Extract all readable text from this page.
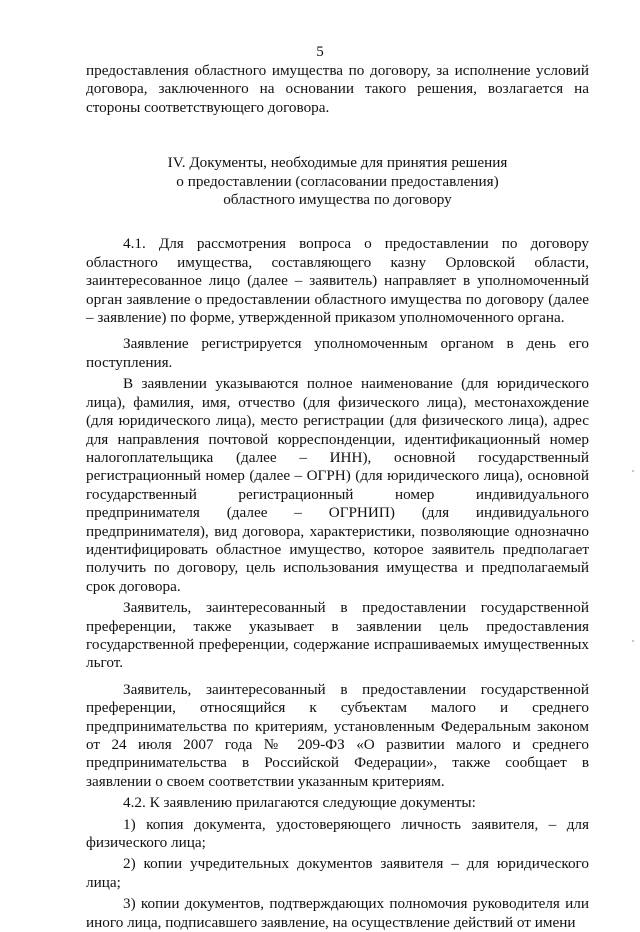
5

предоставления областного имущества по договору, за исполнение условий договора, заключенного на основании такого решения, возлагается на стороны соответствующего договора.

IV. Документы, необходимые для принятия решения
о предоставлении (согласовании предоставления)
областного имущества по договору

4.1. Для рассмотрения вопроса о предоставлении по договору областного имущества, составляющего казну Орловской области, заинтересованное лицо (далее – заявитель) направляет в уполномоченный орган заявление о предоставлении областного имущества по договору (далее – заявление) по форме, утвержденной приказом уполномоченного органа.

Заявление регистрируется уполномоченным органом в день его поступления.

В заявлении указываются полное наименование (для юридического лица), фамилия, имя, отчество (для физического лица), местонахождение (для юридического лица), место регистрации (для физического лица), адрес для направления почтовой корреспонденции, идентификационный номер налогоплательщика (далее – ИНН), основной государственный регистрационный номер (далее – ОГРН) (для юридического лица), основной государственный регистрационный номер индивидуального предпринимателя (далее – ОГРНИП) (для индивидуального предпринимателя), вид договора, характеристики, позволяющие однозначно идентифицировать областное имущество, которое заявитель предполагает получить по договору, цель использования имущества и предполагаемый срок договора.

Заявитель, заинтересованный в предоставлении государственной преференции, также указывает в заявлении цель предоставления государственной преференции, содержание испрашиваемых имущественных льгот.

Заявитель, заинтересованный в предоставлении государственной преференции, относящийся к субъектам малого и среднего предпринимательства по критериям, установленным Федеральным законом от 24 июля 2007 года № 209-ФЗ «О развитии малого и среднего предпринимательства в Российской Федерации», также сообщает в заявлении о своем соответствии указанным критериям.

4.2. К заявлению прилагаются следующие документы:

1) копия документа, удостоверяющего личность заявителя, – для физического лица;

2) копии учредительных документов заявителя – для юридического лица;

3) копии документов, подтверждающих полномочия руководителя или иного лица, подписавшего заявление, на осуществление действий от имени
